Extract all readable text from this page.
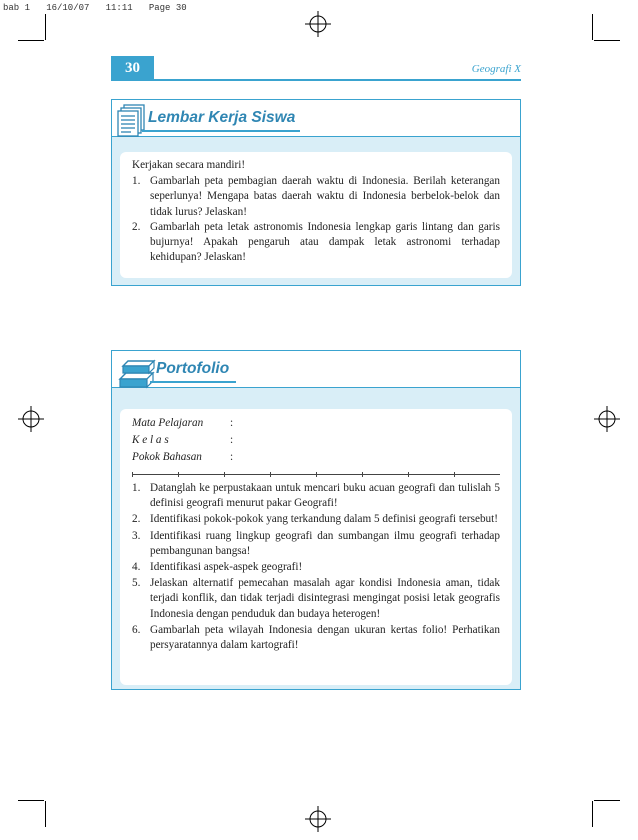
bab 1   16/10/07   11:11   Page 30
30	Geografi X
Lembar Kerja Siswa

Kerjakan secara mandiri!

1. Gambarlah peta pembagian daerah waktu di Indonesia. Berilah keterangan seperlunya! Mengapa batas daerah waktu di Indonesia berbelok-belok dan tidak lurus? Jelaskan!
2. Gambarlah peta letak astronomis Indonesia lengkap garis lintang dan garis bujurnya! Apakah pengaruh atau dampak letak astronomi terhadap kehidupan? Jelaskan!
Portofolio
Mata Pelajaran	:
K e l a s	:
Pokok Bahasan	:
1. Datanglah ke perpustakaan untuk mencari buku acuan geografi dan tulislah 5 definisi geografi menurut pakar Geografi!
2. Identifikasi pokok-pokok yang terkandung dalam 5 definisi geografi tersebut!
3. Identifikasi ruang lingkup geografi dan sumbangan ilmu geografi terhadap pembangunan bangsa!
4. Identifikasi aspek-aspek geografi!
5. Jelaskan alternatif pemecahan masalah agar kondisi Indonesia aman, tidak terjadi konflik, dan tidak terjadi disintegrasi mengingat posisi letak geografis Indonesia dengan penduduk dan budaya heterogen!
6. Gambarlah peta wilayah Indonesia dengan ukuran kertas folio! Perhatikan persyaratannya dalam kartografi!
